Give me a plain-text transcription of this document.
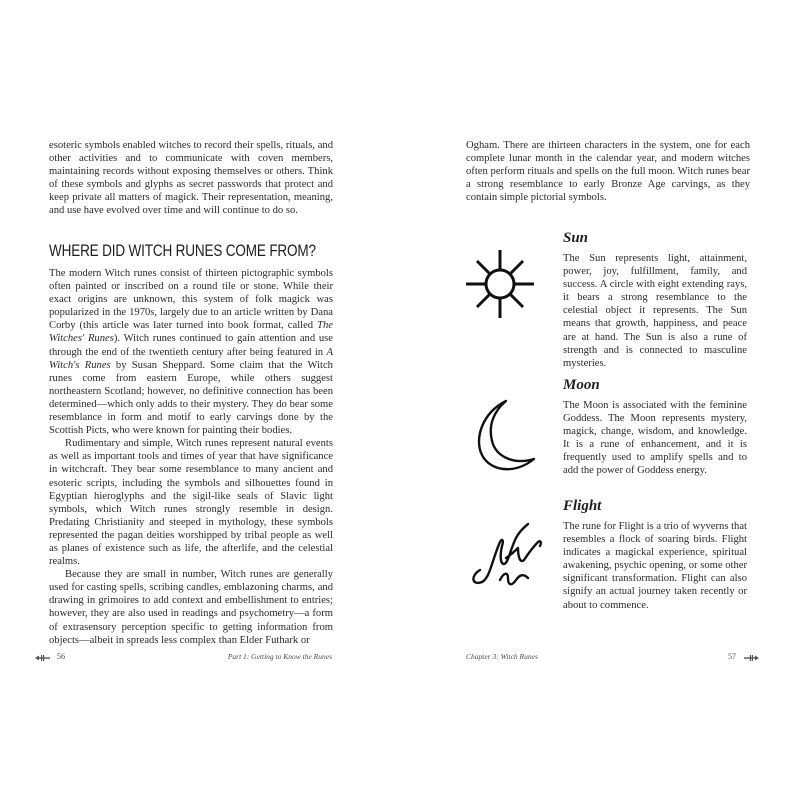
esoteric symbols enabled witches to record their spells, rituals, and other activities and to communicate with coven members, maintaining records without exposing themselves or others. Think of these symbols and glyphs as secret passwords that protect and keep private all matters of magick. Their representation, meaning, and use have evolved over time and will continue to do so.

WHERE DID WITCH RUNES COME FROM?

The modern Witch runes consist of thirteen pictographic symbols often painted or inscribed on a round tile or stone. While their exact origins are unknown, this system of folk magick was popularized in the 1970s, largely due to an article written by Dana Corby (this article was later turned into book format, called The Witches' Runes). Witch runes continued to gain attention and use through the end of the twentieth century after being featured in A Witch's Runes by Susan Sheppard. Some claim that the Witch runes come from eastern Europe, while others suggest northeastern Scotland; however, no definitive connection has been determined—which only adds to their mystery. They do bear some resemblance in form and motif to early carvings done by the Scottish Picts, who were known for painting their bodies.

Rudimentary and simple, Witch runes represent natural events as well as important tools and times of year that have significance in witchcraft. They bear some resemblance to many ancient and esoteric scripts, including the symbols and silhouettes found in Egyptian hieroglyphs and the sigil-like seals of Slavic light symbols, which Witch runes strongly resemble in design. Predating Christianity and steeped in mythology, these symbols represented the pagan deities worshipped by tribal people as well as planes of existence such as life, the afterlife, and the celestial realms.

Because they are small in number, Witch runes are generally used for casting spells, scribing candles, emblazoning charms, and drawing in grimoires to add context and embellishment to entries; however, they are also used in readings and psychometry—a form of extrasensory perception specific to getting information from objects—albeit in spreads less complex than Elder Futhark or

56	Part 1: Getting to Know the Runes

Ogham. There are thirteen characters in the system, one for each complete lunar month in the calendar year, and modern witches often perform rituals and spells on the full moon. Witch runes bear a strong resemblance to early Bronze Age carvings, as they contain simple pictorial symbols.

Sun

The Sun represents light, attainment, power, joy, fulfillment, family, and success. A circle with eight extending rays, it bears a strong resemblance to the celestial object it represents. The Sun means that growth, happiness, and peace are at hand. The Sun is also a rune of strength and is connected to masculine mysteries.

Moon

The Moon is associated with the feminine Goddess. The Moon represents mystery, magick, change, wisdom, and knowledge. It is a rune of enhancement, and it is frequently used to amplify spells and to add the power of Goddess energy.

Flight

The rune for Flight is a trio of wyverns that resembles a flock of soaring birds. Flight indicates a magickal experience, spiritual awakening, psychic opening, or some other significant transformation. Flight can also signify an actual journey taken recently or about to commence.

Chapter 3: Witch Runes	57
